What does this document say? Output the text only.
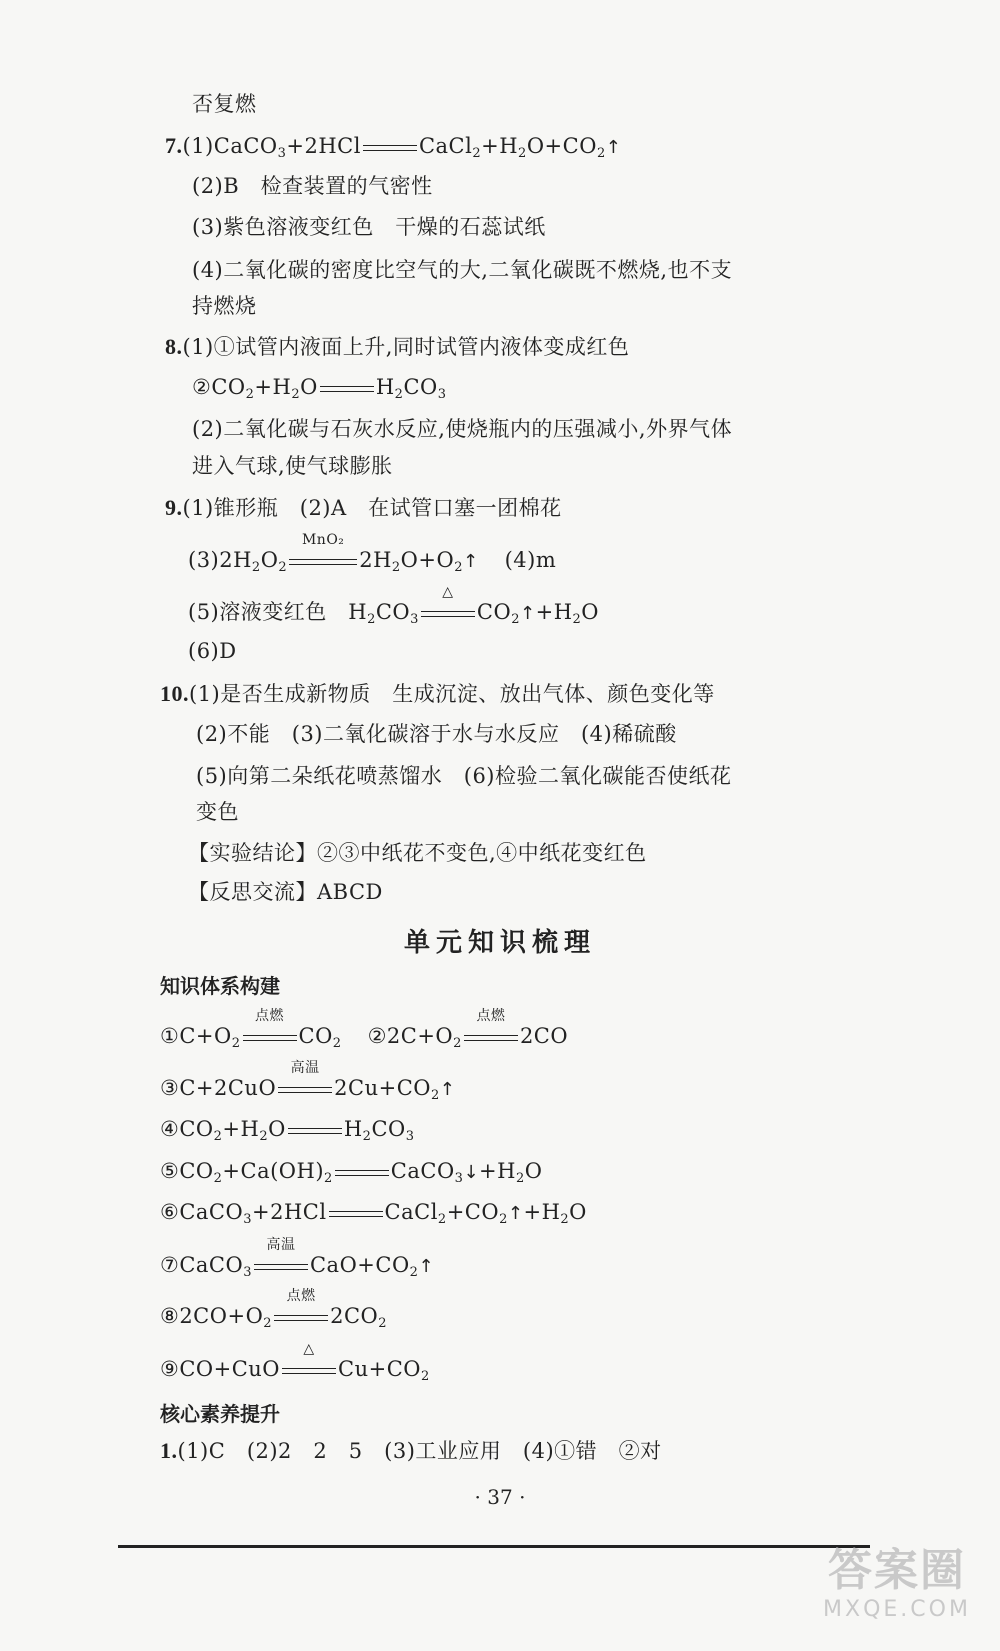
否复燃
7.(1)CaCO$_3$+2HCl	$CaCl_2+H_2O+CO_2↑$
(2)B　检查装置的气密性
(3)紫色溶液变红色　干燥的石蕊试纸
(4)二氧化碳的密度比空气的大,二氧化碳既不燃烧,也不支
持燃烧
8.(1)①试管内液面上升,同时试管内液体变成红色
$②CO_2+H_2O$	$H_2CO_3$
(2)二氧化碳与石灰水反应,使烧瓶内的压强减小,外界气体
进入气球,使气球膨胀
9.(1)锥形瓶　(2)A　在试管口塞一团棉花
$(3)2H_2O_2$
MnO₂
$2H_2O+O_2↑$ (4)m
(5)溶液变红色　$H_2CO_3$
△
$CO_2↑+H_2O$
(6)D
10.(1)是否生成新物质　生成沉淀、放出气体、颜色变化等
(2)不能　(3)二氧化碳溶于水与水反应　(4)稀硫酸
(5)向第二朵纸花喷蒸馏水　(6)检验二氧化碳能否使纸花
变色
【实验结论】②③中纸花不变色,④中纸花变红色
【反思交流】ABCD
单元知识梳理
知识体系构建
$①C+O_2$
点燃
$CO_2$ $②2C+O_2$
点燃
2CO
③C+2CuO
高温
$2Cu+CO_2↑$
$④CO_2+H_2O$	$H_2CO_3$
$⑤CO_2+Ca(OH)_2$	$CaCO_3↓+H_2O$
⑥CaCO$_3$+2HCl	$CaCl_2+CO_2↑+H_2O$
⑦CaCO$_3$
高温
$CaO+CO_2↑$
$⑧2CO+O_2$
点燃
$2CO_2$
⑨CO+CuO
△
$Cu+CO_2$
核心素养提升
1.(1)C　(2)2　2　5　(3)工业应用　(4)①错　②对
· 37 ·
答案圈
MXQE.COM
